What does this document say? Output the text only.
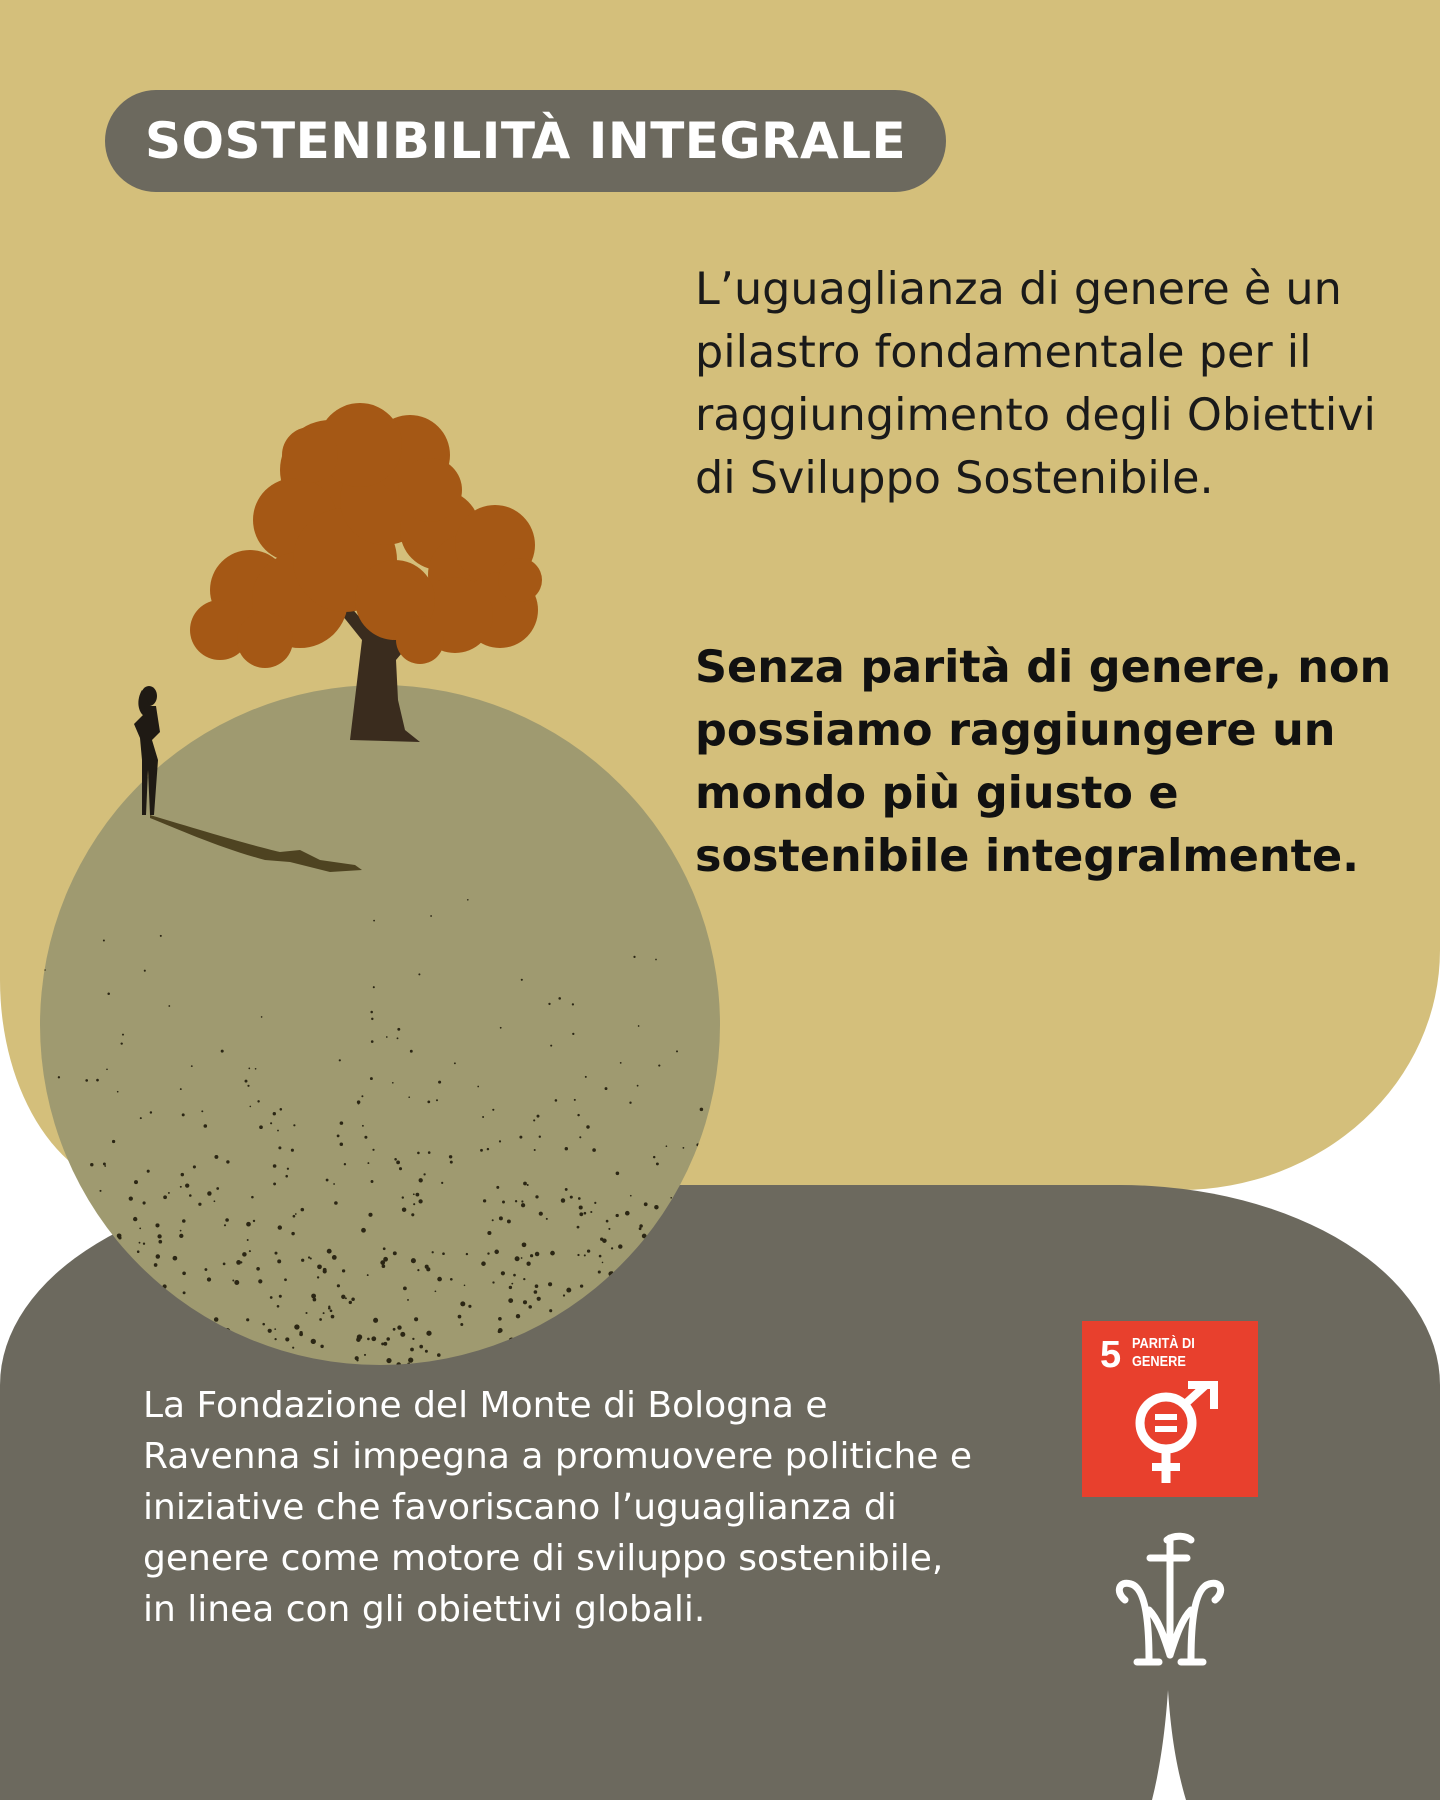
SOSTENIBILITÀ INTEGRALE
L’uguaglianza di genere è un pilastro fondamentale per il raggiungimento degli Obiettivi di Sviluppo Sostenibile.
Senza parità di genere, non possiamo raggiungere un mondo più giusto e sostenibile integralmente.
La Fondazione del Monte di Bologna e Ravenna si impegna a promuovere politiche e iniziative che favoriscano l’uguaglianza di genere come motore di sviluppo sostenibile, in linea con gli obiettivi globali.
5 PARITÀ DI GENERE
